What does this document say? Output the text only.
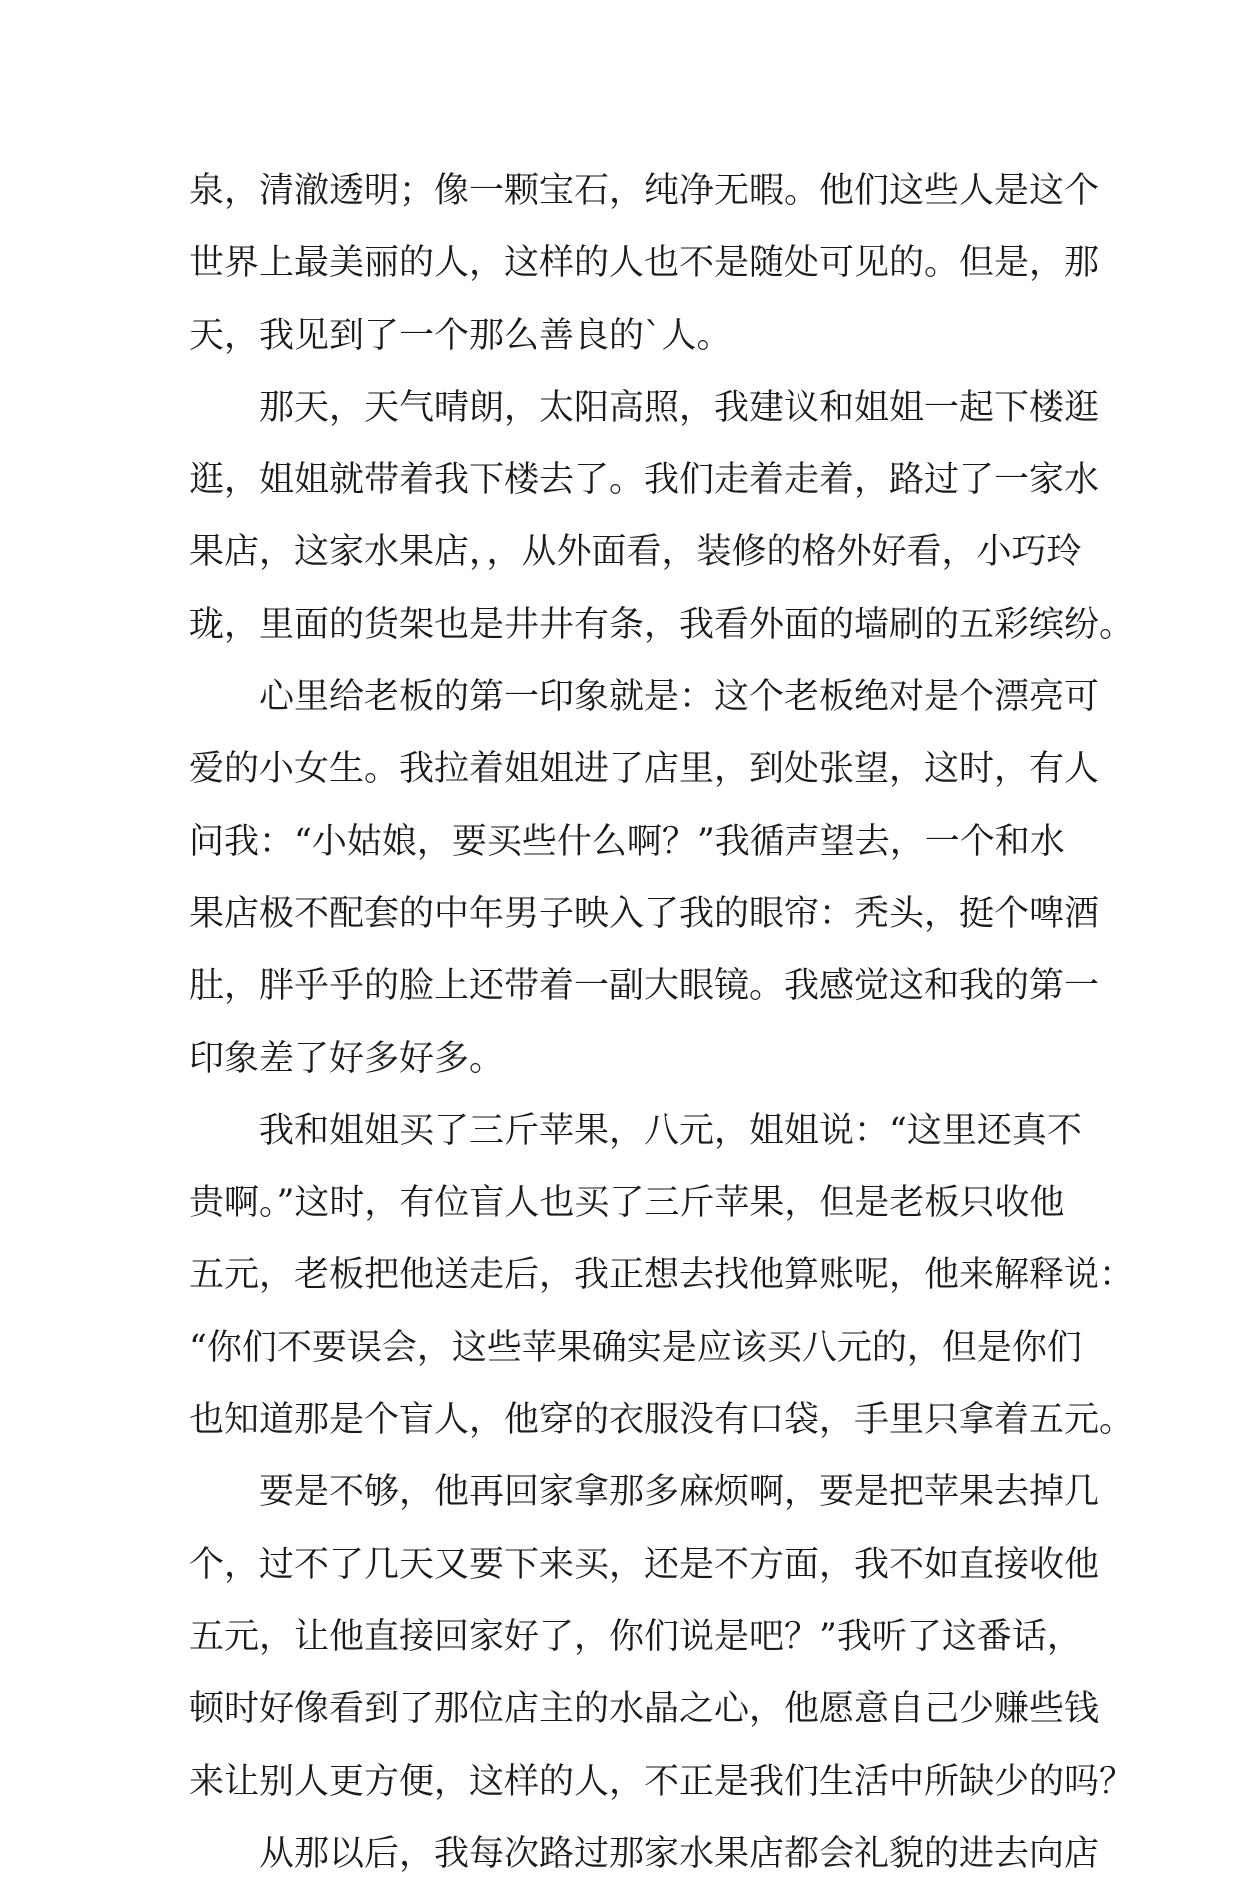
泉，清澈透明；像一颗宝石，纯净无暇。他们这些人是这个
世界上最美丽的人，这样的人也不是随处可见的。但是，那
天，我见到了一个那么善良的`人。
那天，天气晴朗，太阳高照，我建议和姐姐一起下楼逛
逛，姐姐就带着我下楼去了。我们走着走着，路过了一家水
果店，这家水果店，，从外面看，装修的格外好看，小巧玲
珑，里面的货架也是井井有条，我看外面的墙刷的五彩缤纷。
心里给老板的第一印象就是：这个老板绝对是个漂亮可
爱的小女生。我拉着姐姐进了店里，到处张望，这时，有人
问我：“小姑娘，要买些什么啊？”我循声望去，一个和水
果店极不配套的中年男子映入了我的眼帘：秃头，挺个啤酒
肚，胖乎乎的脸上还带着一副大眼镜。我感觉这和我的第一
印象差了好多好多。
我和姐姐买了三斤苹果，八元，姐姐说：“这里还真不
贵啊。”这时，有位盲人也买了三斤苹果，但是老板只收他
五元，老板把他送走后，我正想去找他算账呢，他来解释说：
“你们不要误会，这些苹果确实是应该买八元的，但是你们
也知道那是个盲人，他穿的衣服没有口袋，手里只拿着五元。
要是不够，他再回家拿那多麻烦啊，要是把苹果去掉几
个，过不了几天又要下来买，还是不方面，我不如直接收他
五元，让他直接回家好了，你们说是吧？”我听了这番话，
顿时好像看到了那位店主的水晶之心，他愿意自己少赚些钱
来让别人更方便，这样的人，不正是我们生活中所缺少的吗？
从那以后，我每次路过那家水果店都会礼貌的进去向店
